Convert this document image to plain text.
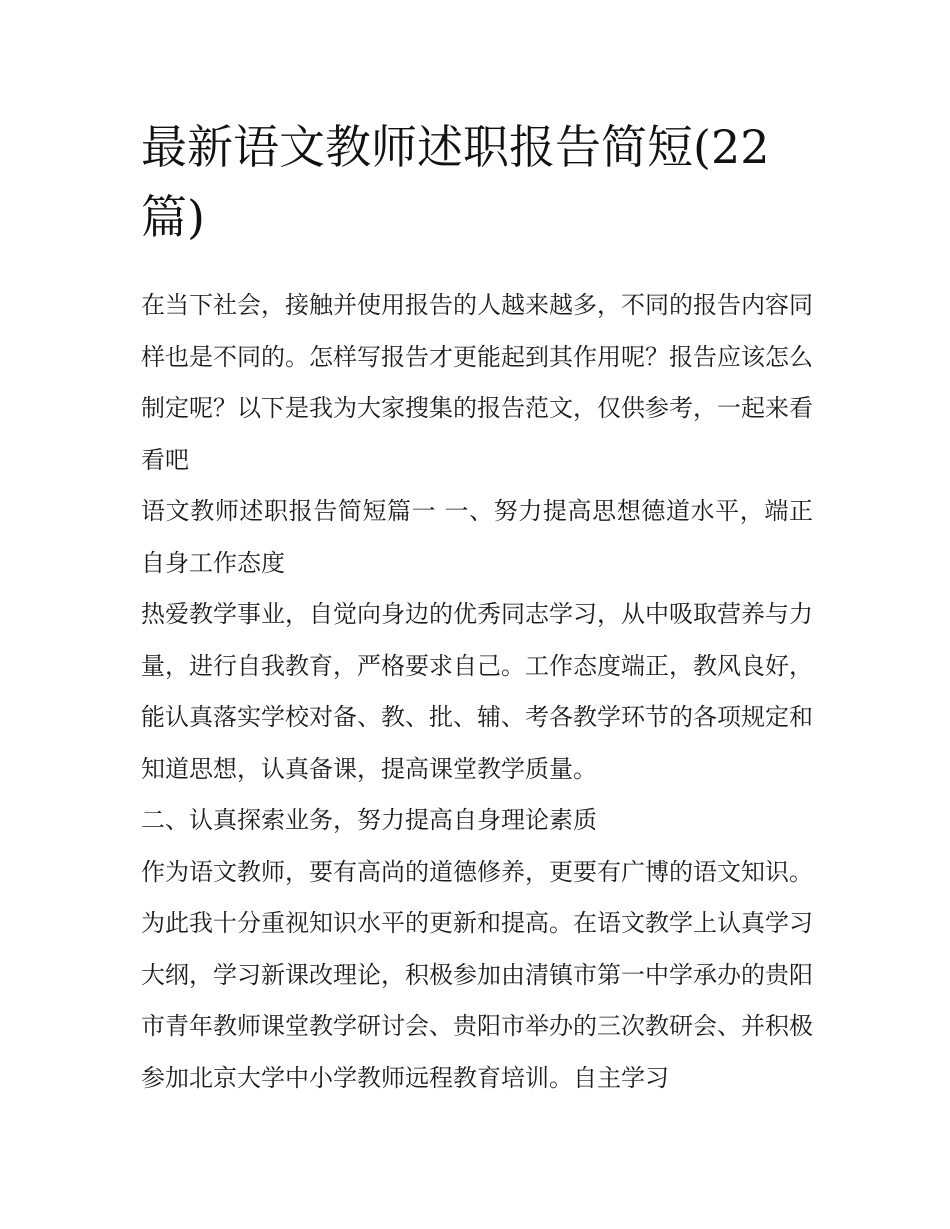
最新语文教师述职报告简短(22篇)

在当下社会，接触并使用报告的人越来越多，不同的报告内容同样也是不同的。怎样写报告才更能起到其作用呢？报告应该怎么制定呢？以下是我为大家搜集的报告范文，仅供参考，一起来看看吧

语文教师述职报告简短篇一 一、努力提高思想德道水平，端正自身工作态度

热爱教学事业，自觉向身边的优秀同志学习，从中吸取营养与力量，进行自我教育，严格要求自己。工作态度端正，教风良好，能认真落实学校对备、教、批、辅、考各教学环节的各项规定和知道思想，认真备课，提高课堂教学质量。

二、认真探索业务，努力提高自身理论素质

作为语文教师，要有高尚的道德修养，更要有广博的语文知识。为此我十分重视知识水平的更新和提高。在语文教学上认真学习大纲，学习新课改理论，积极参加由清镇市第一中学承办的贵阳市青年教师课堂教学研讨会、贵阳市举办的三次教研会、并积极参加北京大学中小学教师远程教育培训。自主学习
